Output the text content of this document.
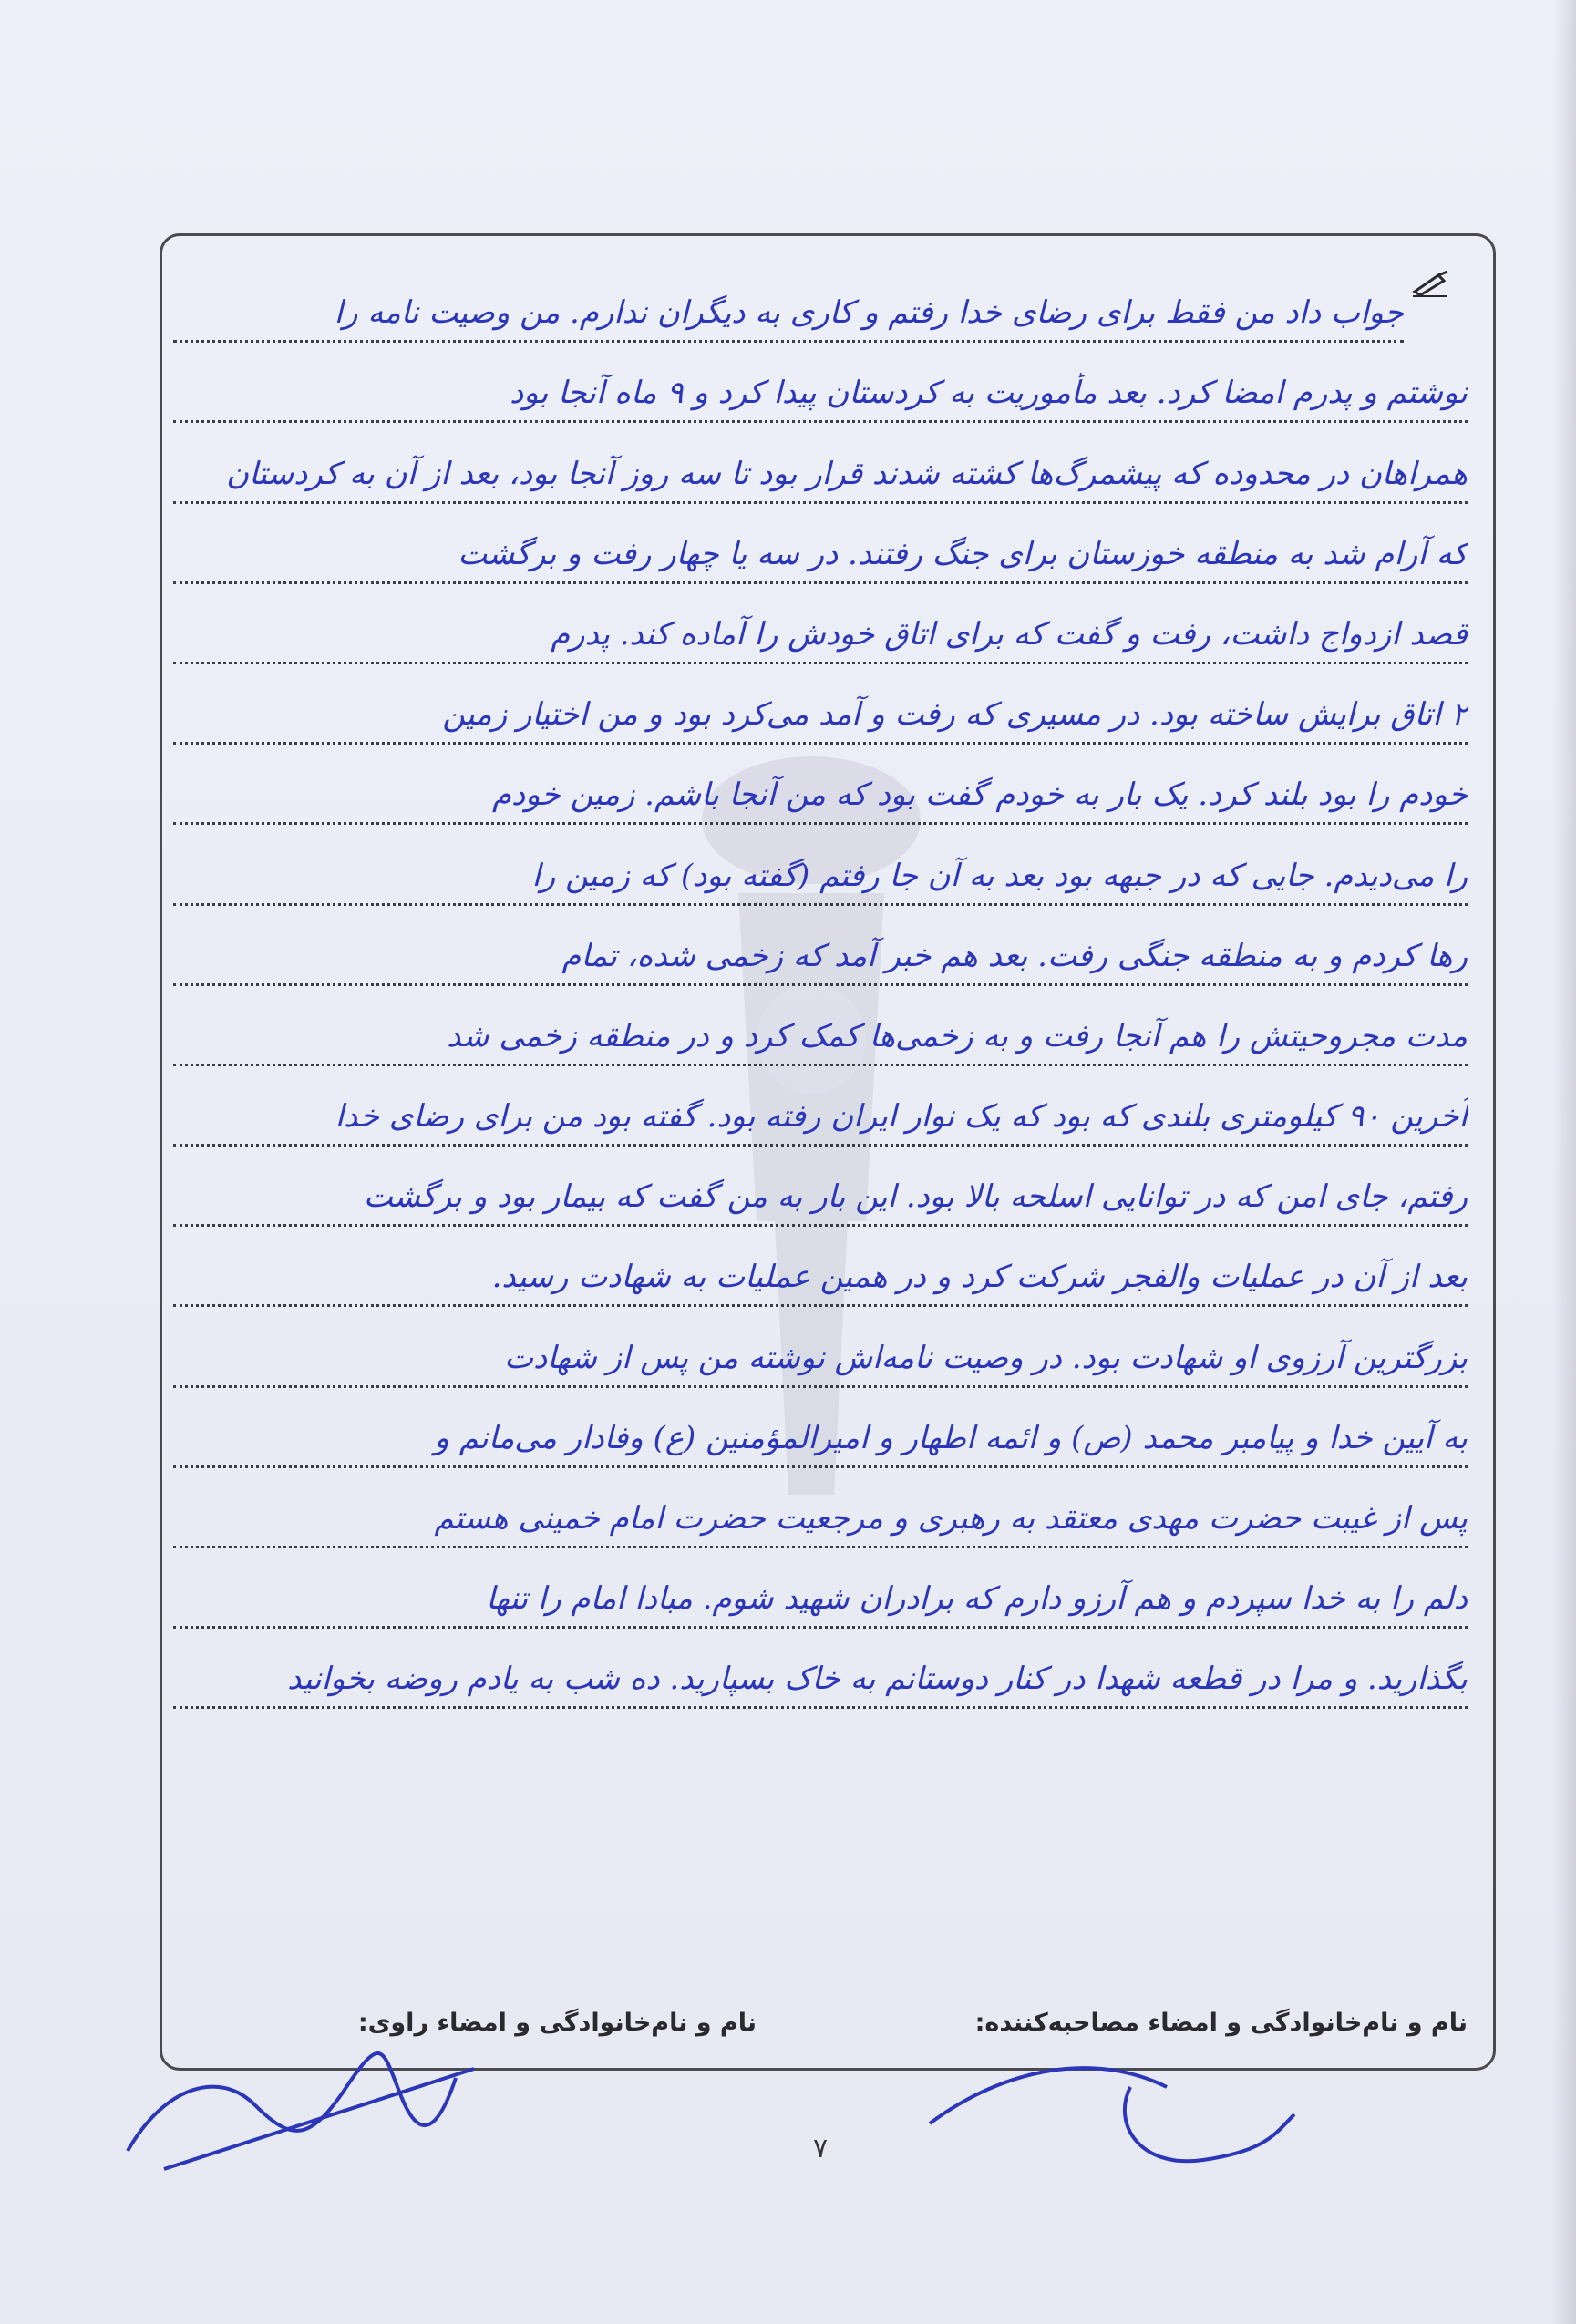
جواب داد من فقط برای رضای خدا رفتم و کاری به دیگران ندارم. من وصیت نامه را
نوشتم و پدرم امضا کرد. بعد مأموریت به کردستان پیدا کرد و ۹ ماه آنجا بود
همراهان در محدوده که پیشمرگ‌ها کشته شدند قرار بود تا سه روز آنجا بود، بعد از آن به کردستان
که آرام شد به منطقه خوزستان برای جنگ رفتند. در سه یا چهار رفت و برگشت
قصد ازدواج داشت، رفت و گفت که برای اتاق خودش را آماده کند. پدرم
۲ اتاق برایش ساخته بود. در مسیری که رفت و آمد می‌کرد بود و من اختیار زمین
خودم را بود بلند کرد. یک بار به خودم گفت بود که من آنجا باشم. زمین خودم
را می‌دیدم. جایی که در جبهه بود بعد به آن جا رفتم (گفته بود) که زمین را
رها کردم و به منطقه جنگی رفت. بعد هم خبر آمد که زخمی شده، تمام
مدت مجروحیتش را هم آنجا رفت و به زخمی‌ها کمک کرد و در منطقه زخمی شد
آخرین ۹۰ کیلومتری بلندی که بود که یک نوار ایران رفته بود. گفته بود من برای رضای خدا
رفتم، جای امن که در توانایی اسلحه بالا بود. این بار به من گفت که بیمار بود و برگشت
بعد از آن در عملیات والفجر شرکت کرد و در همین عملیات به شهادت رسید.
بزرگترین آرزوی او شهادت بود. در وصیت نامه‌اش نوشته من پس از شهادت
به آیین خدا و پیامبر محمد (ص) و ائمه اطهار و امیرالمؤمنین (ع) وفادار می‌مانم و
پس از غیبت حضرت مهدی معتقد به رهبری و مرجعیت حضرت امام خمینی هستم
دلم را به خدا سپردم و هم آرزو دارم که برادران شهید شوم. مبادا امام را تنها
بگذارید. و مرا در قطعه شهدا در کنار دوستانم به خاک بسپارید. ده شب به یادم روضه بخوانید
نام و نام‌خانوادگی و امضاء مصاحبه‌کننده:
نام و نام‌خانوادگی و امضاء راوی:
۷
